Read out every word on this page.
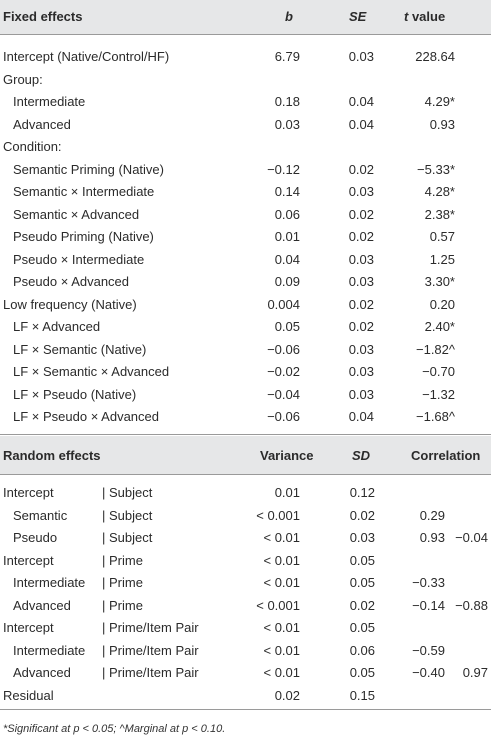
Fixed effects	b	SE	t value
Intercept (Native/Control/HF)	6.79	0.03	228.64
Group:
Intermediate	0.18	0.04	4.29*
Advanced	0.03	0.04	0.93
Condition:
Semantic Priming (Native)	−0.12	0.02	−5.33*
Semantic × Intermediate	0.14	0.03	4.28*
Semantic × Advanced	0.06	0.02	2.38*
Pseudo Priming (Native)	0.01	0.02	0.57
Pseudo × Intermediate	0.04	0.03	1.25
Pseudo × Advanced	0.09	0.03	3.30*
Low frequency (Native)	0.004	0.02	0.20
LF × Advanced	0.05	0.02	2.40*
LF × Semantic (Native)	−0.06	0.03	−1.82^
LF × Semantic × Advanced	−0.02	0.03	−0.70
LF × Pseudo (Native)	−0.04	0.03	−1.32
LF × Pseudo × Advanced	−0.06	0.04	−1.68^
Random effects	Variance	SD	Correlation
Intercept	| Subject	0.01	0.12
Semantic	| Subject	< 0.001	0.02	0.29
Pseudo	| Subject	< 0.01	0.03	0.93 −0.04
Intercept	| Prime	< 0.01	0.05
Intermediate | Prime	< 0.01	0.05	−0.33
Advanced | Prime	< 0.001	0.02	−0.14 −0.88
Intercept	| Prime/Item Pair	< 0.01	0.05
Intermediate | Prime/Item Pair	< 0.01	0.06	−0.59
Advanced | Prime/Item Pair	< 0.01	0.05	−0.40	0.97
Residual	0.02	0.15
*Significant at p < 0.05; ^Marginal at p < 0.10.
